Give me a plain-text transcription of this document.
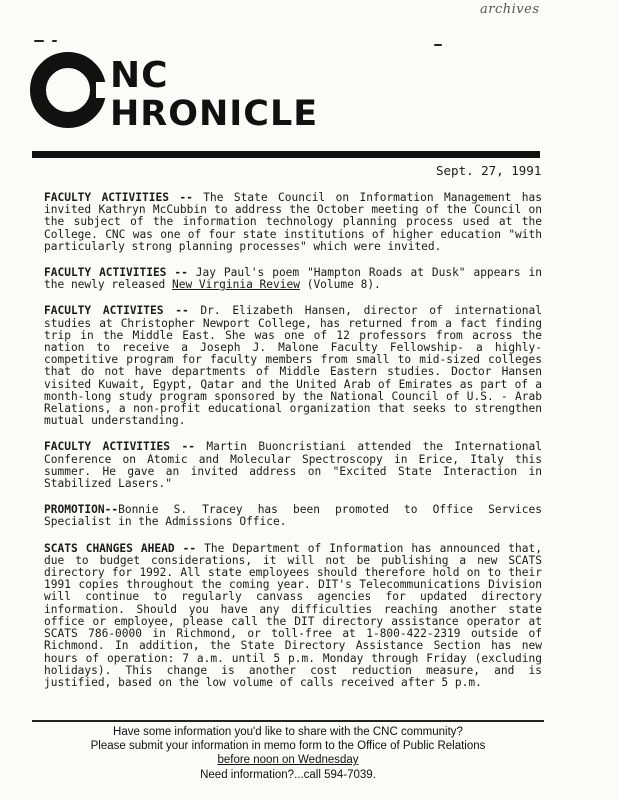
archives
NC
HRONICLE
Sept. 27, 1991

FACULTY ACTIVITIES -- The State Council on Information Management has invited Kathryn McCubbin to address the October meeting of the Council on the subject of the information technology planning process used at the College. CNC was one of four state institutions of higher education "with particularly strong planning processes" which were invited.

FACULTY ACTIVITIES -- Jay Paul's poem "Hampton Roads at Dusk" appears in the newly released New Virginia Review (Volume 8).

FACULTY ACTIVITES -- Dr. Elizabeth Hansen, director of international studies at Christopher Newport College, has returned from a fact finding trip in the Middle East. She was one of 12 professors from across the nation to receive a Joseph J. Malone Faculty Fellowship- a highly-competitive program for faculty members from small to mid-sized colleges that do not have departments of Middle Eastern studies. Doctor Hansen visited Kuwait, Egypt, Qatar and the United Arab of Emirates as part of a month-long study program sponsored by the National Council of U.S. - Arab Relations, a non-profit educational organization that seeks to strengthen mutual understanding.

FACULTY ACTIVITIES -- Martin Buoncristiani attended the International Conference on Atomic and Molecular Spectroscopy in Erice, Italy this summer. He gave an invited address on "Excited State Interaction in Stabilized Lasers."

PROMOTION--Bonnie S. Tracey has been promoted to Office Services Specialist in the Admissions Office.

SCATS CHANGES AHEAD -- The Department of Information has announced that, due to budget considerations, it will not be publishing a new SCATS directory for 1992. All state employees should therefore hold on to their 1991 copies throughout the coming year. DIT's Telecommunications Division will continue to regularly canvass agencies for updated directory information. Should you have any difficulties reaching another state office or employee, please call the DIT directory assistance operator at SCATS 786-0000 in Richmond, or toll-free at 1-800-422-2319 outside of Richmond. In addition, the State Directory Assistance Section has new hours of operation: 7 a.m. until 5 p.m. Monday through Friday (excluding holidays). This change is another cost reduction measure, and is justified, based on the low volume of calls received after 5 p.m.

Have some information you'd like to share with the CNC community?
Please submit your information in memo form to the Office of Public Relations
before noon on Wednesday
Need information?...call 594-7039.
